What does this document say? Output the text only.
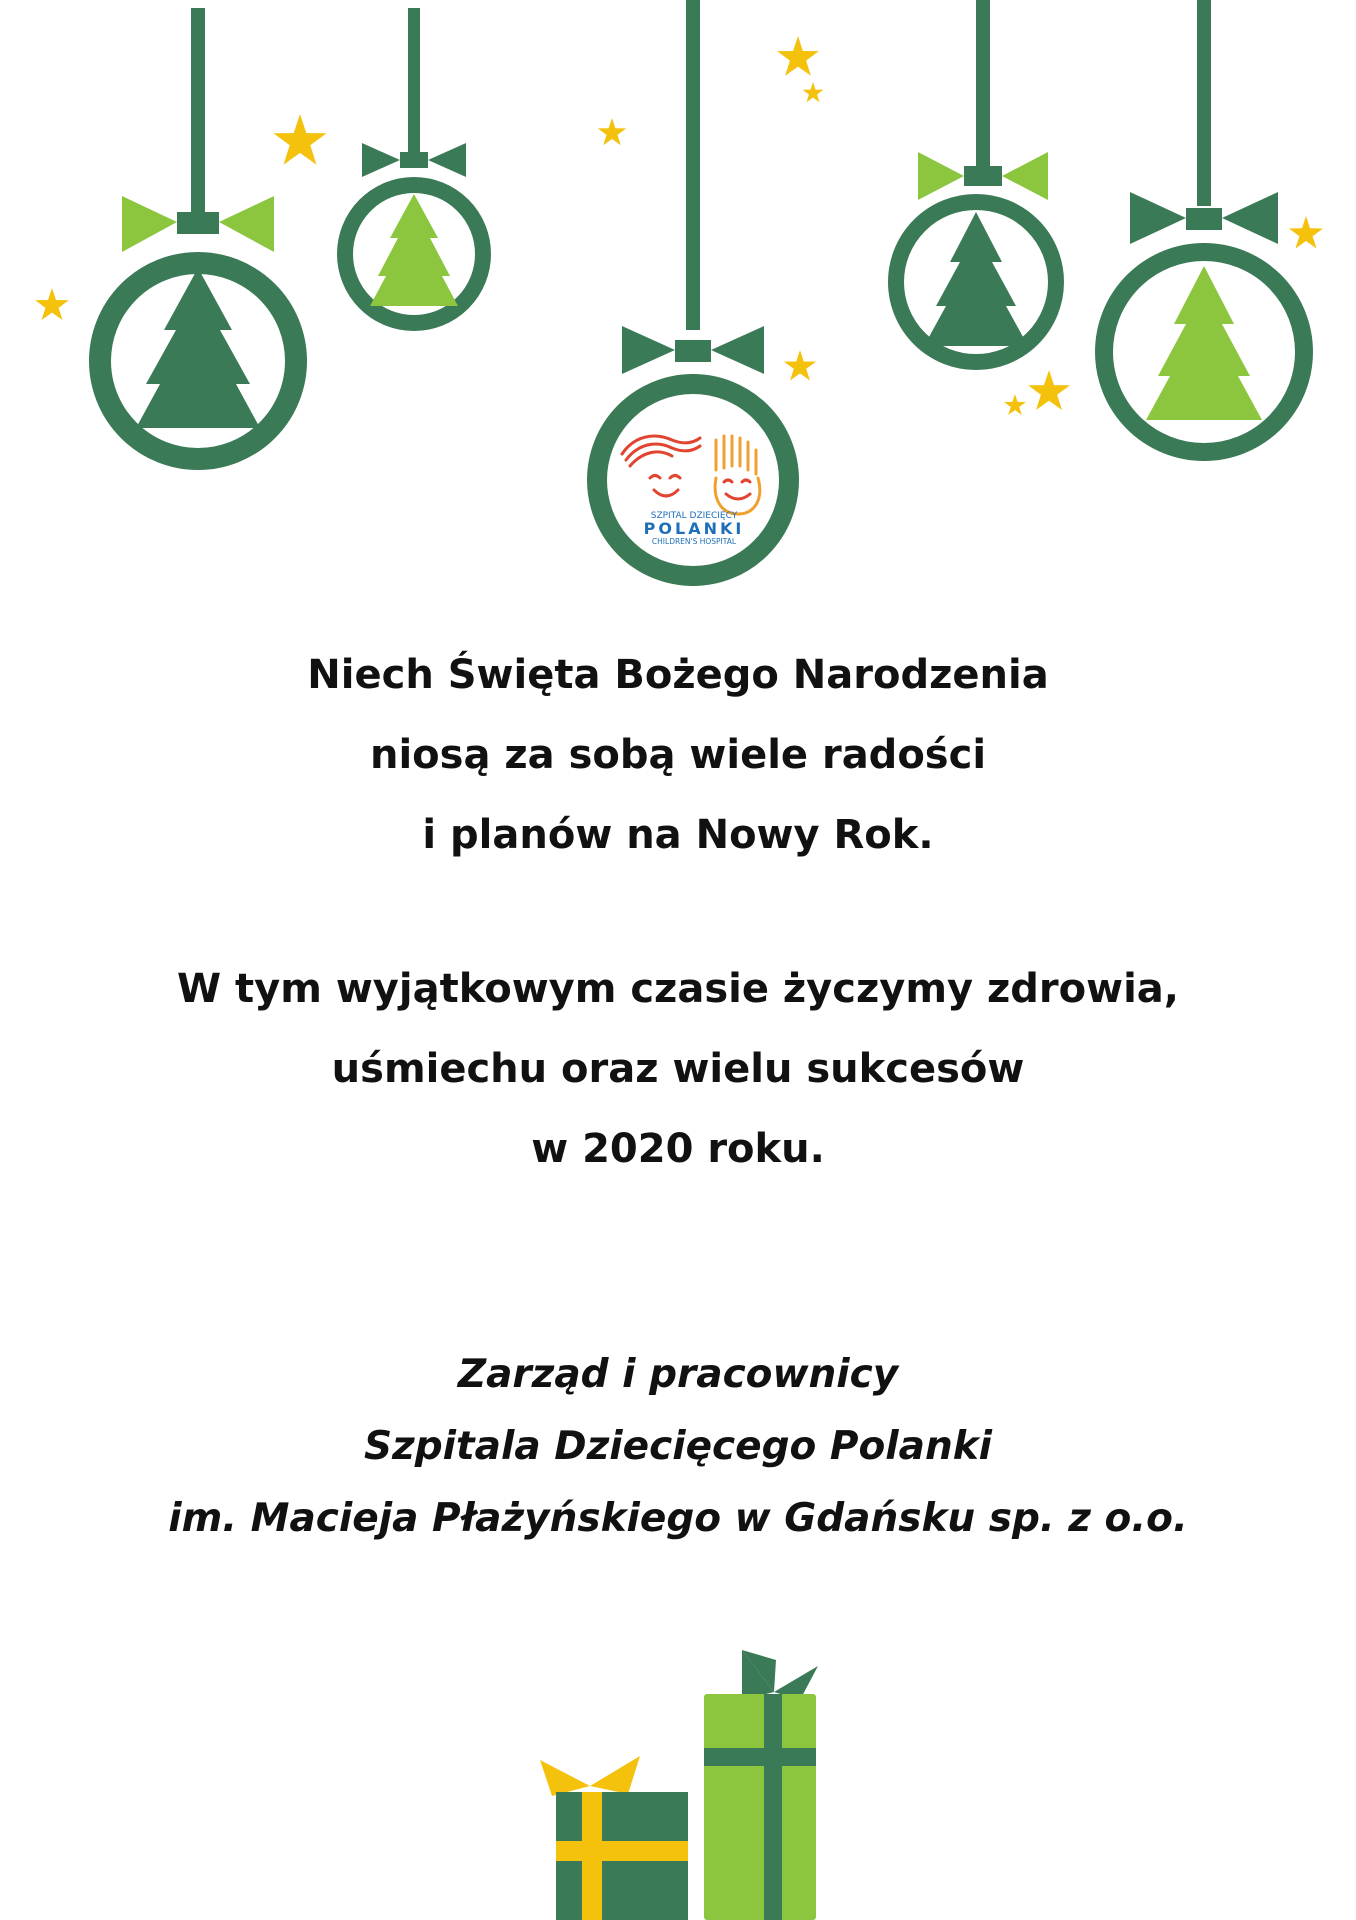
SZPITAL DZIECIĘCY
POLANKI
CHILDREN'S HOSPITAL
Niech Święta Bożego Narodzenia
niosą za sobą wiele radości
i planów na Nowy Rok.
W tym wyjątkowym czasie życzymy zdrowia,
uśmiechu oraz wielu sukcesów
w 2020 roku.
Zarząd i pracownicy
Szpitala Dziecięcego Polanki
im. Macieja Płażyńskiego w Gdańsku sp. z o.o.
